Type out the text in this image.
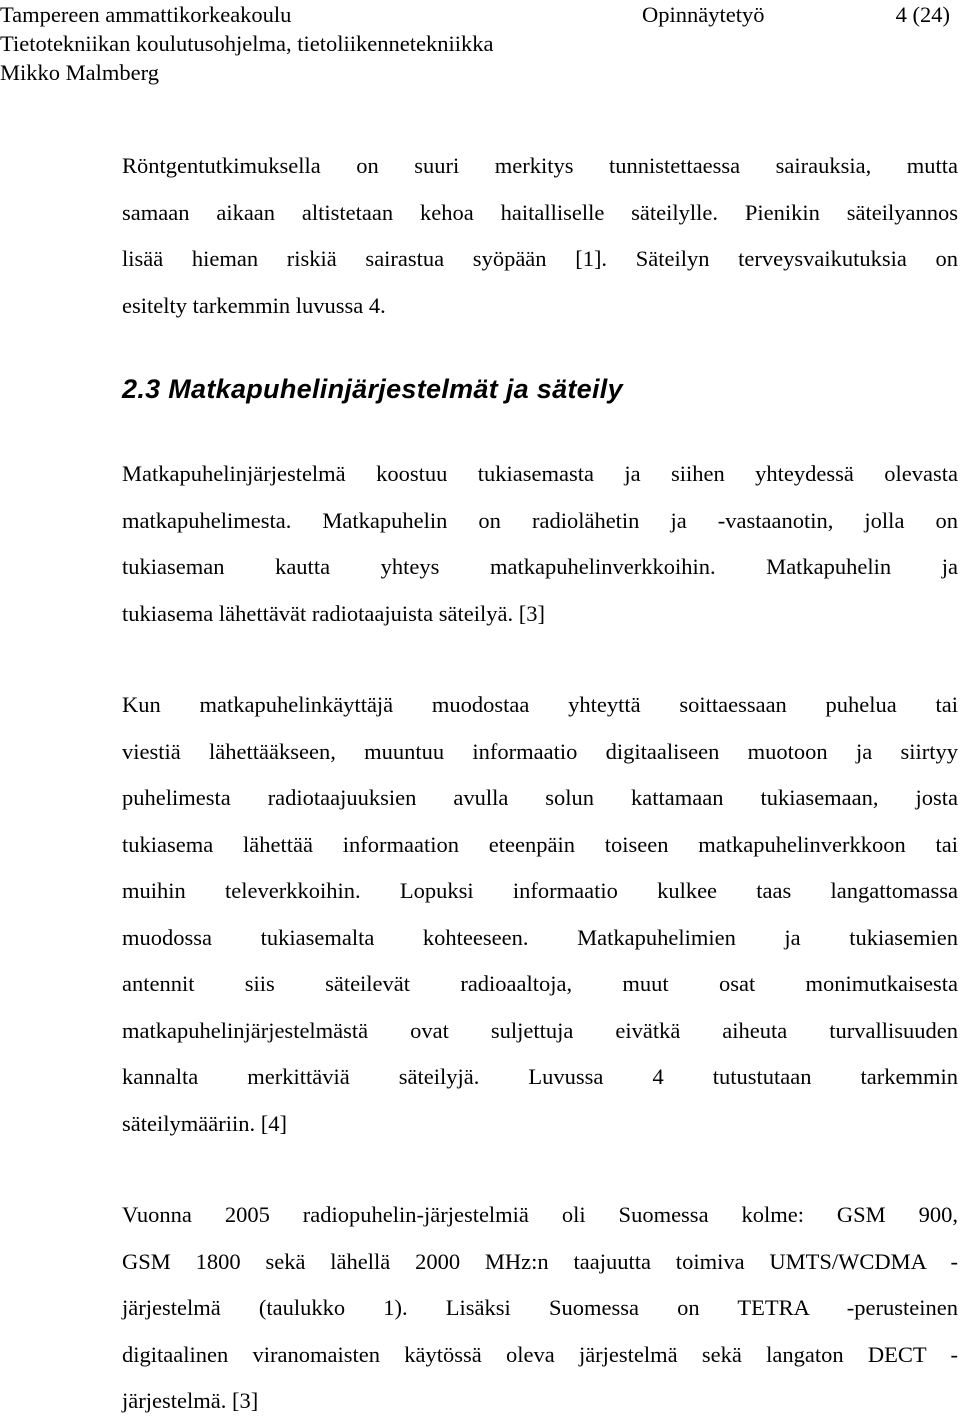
Tampereen ammattikorkeakoulu	Opinnäytetyö	4 (24)
Tietotekniikan koulutusohjelma, tietoliikennetekniikka
Mikko Malmberg

Röntgentutkimuksella on suuri merkitys tunnistettaessa sairauksia, mutta
samaan aikaan altistetaan kehoa haitalliselle säteilylle. Pienikin säteilyannos
lisää hieman riskiä sairastua syöpään [1]. Säteilyn terveysvaikutuksia on
esitelty tarkemmin luvussa 4.

2.3 Matkapuhelinjärjestelmät ja säteily

Matkapuhelinjärjestelmä koostuu tukiasemasta ja siihen yhteydessä olevasta
matkapuhelimesta. Matkapuhelin on radiolähetin ja -vastaanotin, jolla on
tukiaseman kautta yhteys matkapuhelinverkkoihin. Matkapuhelin ja
tukiasema lähettävät radiotaajuista säteilyä. [3]

Kun matkapuhelinkäyttäjä muodostaa yhteyttä soittaessaan puhelua tai
viestiä lähettääkseen, muuntuu informaatio digitaaliseen muotoon ja siirtyy
puhelimesta radiotaajuuksien avulla solun kattamaan tukiasemaan, josta
tukiasema lähettää informaation eteenpäin toiseen matkapuhelinverkkoon tai
muihin televerkkoihin. Lopuksi informaatio kulkee taas langattomassa
muodossa tukiasemalta kohteeseen. Matkapuhelimien ja tukiasemien
antennit siis säteilevät radioaaltoja, muut osat monimutkaisesta
matkapuhelinjärjestelmästä ovat suljettuja eivätkä aiheuta turvallisuuden
kannalta merkittäviä säteilyjä. Luvussa 4 tutustutaan tarkemmin
säteilymääriin. [4]

Vuonna 2005 radiopuhelin-järjestelmiä oli Suomessa kolme: GSM 900,
GSM 1800 sekä lähellä 2000 MHz:n taajuutta toimiva UMTS/WCDMA -
järjestelmä (taulukko 1). Lisäksi Suomessa on TETRA -perusteinen
digitaalinen viranomaisten käytössä oleva järjestelmä sekä langaton DECT -
järjestelmä. [3]
